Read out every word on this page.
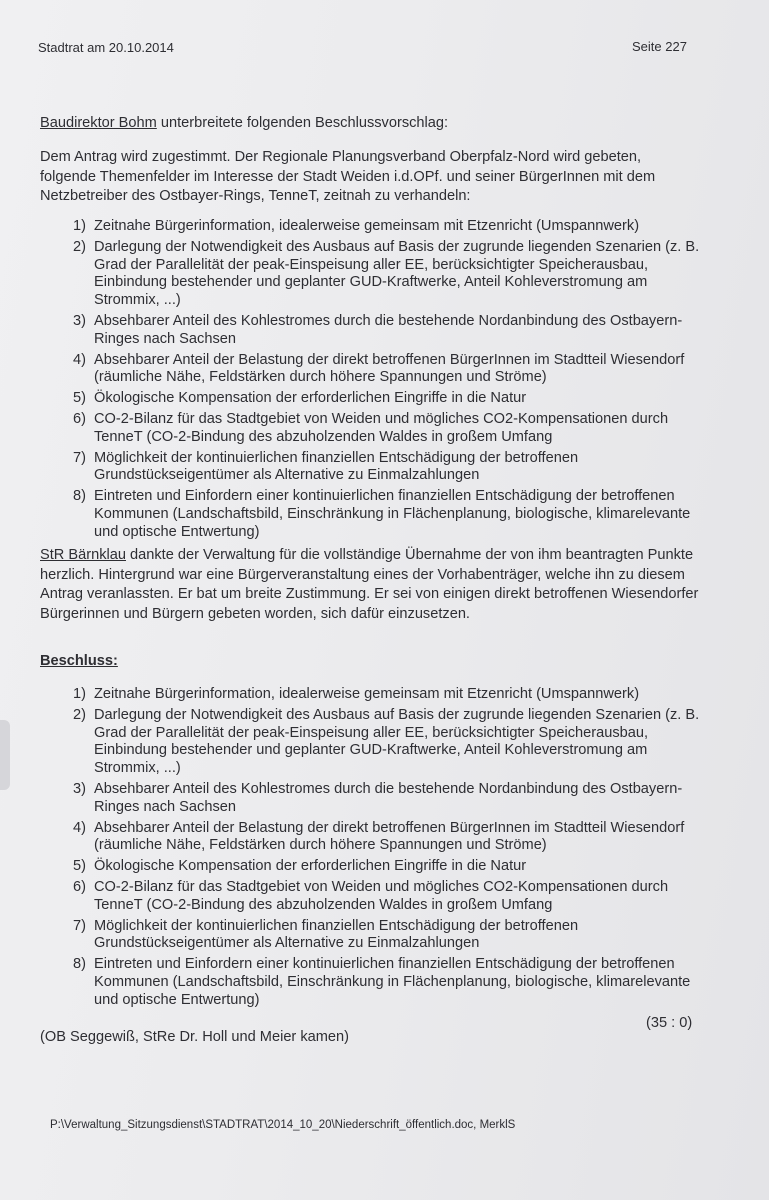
Stadtrat am 20.10.2014	Seite 227

Baudirektor Bohm unterbreitete folgenden Beschlussvorschlag:

Dem Antrag wird zugestimmt. Der Regionale Planungsverband Oberpfalz-Nord wird gebeten, folgende Themenfelder im Interesse der Stadt Weiden i.d.OPf. und seiner BürgerInnen mit dem Netzbetreiber des Ostbayer-Rings, TenneT, zeitnah zu verhandeln:

1) Zeitnahe Bürgerinformation, idealerweise gemeinsam mit Etzenricht (Umspannwerk)
2) Darlegung der Notwendigkeit des Ausbaus auf Basis der zugrunde liegenden Szenarien (z. B. Grad der Parallelität der peak-Einspeisung aller EE, berücksichtigter Speicherausbau, Einbindung bestehender und geplanter GUD-Kraftwerke, Anteil Kohleverstromung am Strommix, ...)
3) Absehbarer Anteil des Kohlestromes durch die bestehende Nordanbindung des Ostbayern-Ringes nach Sachsen
4) Absehbarer Anteil der Belastung der direkt betroffenen BürgerInnen im Stadtteil Wiesendorf (räumliche Nähe, Feldstärken durch höhere Spannungen und Ströme)
5) Ökologische Kompensation der erforderlichen Eingriffe in die Natur
6) CO-2-Bilanz für das Stadtgebiet von Weiden und mögliches CO2-Kompensationen durch TenneT (CO-2-Bindung des abzuholzenden Waldes in großem Umfang
7) Möglichkeit der kontinuierlichen finanziellen Entschädigung der betroffenen Grundstückseigentümer als Alternative zu Einmalzahlungen
8) Eintreten und Einfordern einer kontinuierlichen finanziellen Entschädigung der betroffenen Kommunen (Landschaftsbild, Einschränkung in Flächenplanung, biologische, klimarelevante und optische Entwertung)

StR Bärnklau dankte der Verwaltung für die vollständige Übernahme der von ihm beantragten Punkte herzlich. Hintergrund war eine Bürgerveranstaltung eines der Vorhabenträger, welche ihn zu diesem Antrag veranlassten. Er bat um breite Zustimmung. Er sei von einigen direkt betroffenen Wiesendorfer Bürgerinnen und Bürgern gebeten worden, sich dafür einzusetzen.

Beschluss:

1) Zeitnahe Bürgerinformation, idealerweise gemeinsam mit Etzenricht (Umspannwerk)
2) Darlegung der Notwendigkeit des Ausbaus auf Basis der zugrunde liegenden Szenarien (z. B. Grad der Parallelität der peak-Einspeisung aller EE, berücksichtigter Speicherausbau, Einbindung bestehender und geplanter GUD-Kraftwerke, Anteil Kohleverstromung am Strommix, ...)
3) Absehbarer Anteil des Kohlestromes durch die bestehende Nordanbindung des Ostbayern-Ringes nach Sachsen
4) Absehbarer Anteil der Belastung der direkt betroffenen BürgerInnen im Stadtteil Wiesendorf (räumliche Nähe, Feldstärken durch höhere Spannungen und Ströme)
5) Ökologische Kompensation der erforderlichen Eingriffe in die Natur
6) CO-2-Bilanz für das Stadtgebiet von Weiden und mögliches CO2-Kompensationen durch TenneT (CO-2-Bindung des abzuholzenden Waldes in großem Umfang
7) Möglichkeit der kontinuierlichen finanziellen Entschädigung der betroffenen Grundstückseigentümer als Alternative zu Einmalzahlungen
8) Eintreten und Einfordern einer kontinuierlichen finanziellen Entschädigung der betroffenen Kommunen (Landschaftsbild, Einschränkung in Flächenplanung, biologische, klimarelevante und optische Entwertung)
(35 : 0)

(OB Seggewiß, StRe Dr. Holl und Meier kamen)

P:\Verwaltung_Sitzungsdienst\STADTRAT\2014_10_20\Niederschrift_öffentlich.doc, MerklS
